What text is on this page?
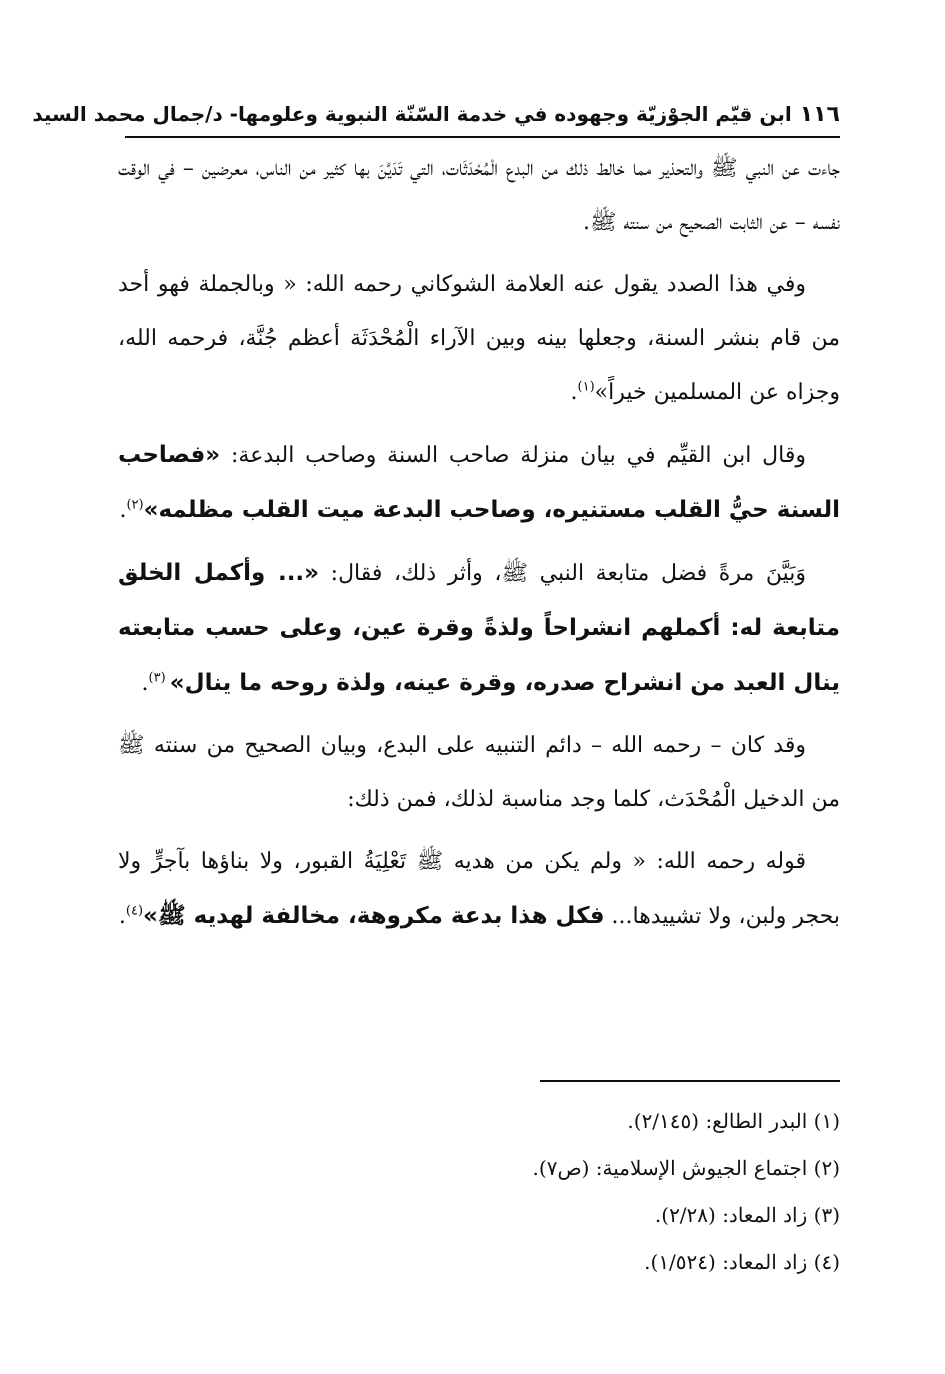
١١٦
ابن قيّم الجوْزيّة وجهوده في خدمة السّنّة النبوية وعلومها- د/جمال محمد السيد

جاءت عن النبي ﷺ والتحذير مما خالط ذلك من البدع الْمُحْدَثَات، التي تَدَيَّنَ بها كثير من الناس، معرضين – في الوقت نفسه – عن الثابت الصحيح من سنته ﷺ.

وفي هذا الصدد يقول عنه العلامة الشوكاني رحمه الله: « وبالجملة فهو أحد من قام بنشر السنة، وجعلها بينه وبين الآراء الْمُحْدَثَة أعظم جُنَّة، فرحمه الله، وجزاه عن المسلمين خيراً»$^{(١)}$.

وقال ابن القيِّم في بيان منزلة صاحب السنة وصاحب البدعة: «فصاحب السنة حيُّ القلب مستنيره، وصاحب البدعة ميت القلب مظلمه»$^{(٢)}$.

وَبَيَّنَ مرةً فضل متابعة النبي ﷺ، وأثر ذلك، فقال: «... وأكمل الخلق متابعة له: أكملهم انشراحاً ولذةً وقرة عين، وعلى حسب متابعته ينال العبد من انشراح صدره، وقرة عينه، ولذة روحه ما ينال» $^{(٣)}$.

وقد كان – رحمه الله – دائم التنبيه على البدع، وبيان الصحيح من سنته ﷺ من الدخيل الْمُحْدَث، كلما وجد مناسبة لذلك، فمن ذلك:

قوله رحمه الله: « ولم يكن من هديه ﷺ تَعْلِيَةُ القبور، ولا بناؤها بآجرٍّ ولا بحجر ولبن، ولا تشييدها... فكل هذا بدعة مكروهة، مخالفة لهديه ﷺ»$^{(٤)}$.

(١) البدر الطالع: (٢/١٤٥).

(٢) اجتماع الجيوش الإسلامية: (ص٧).

(٣) زاد المعاد: (٢/٢٨).

(٤) زاد المعاد: (١/٥٢٤).
